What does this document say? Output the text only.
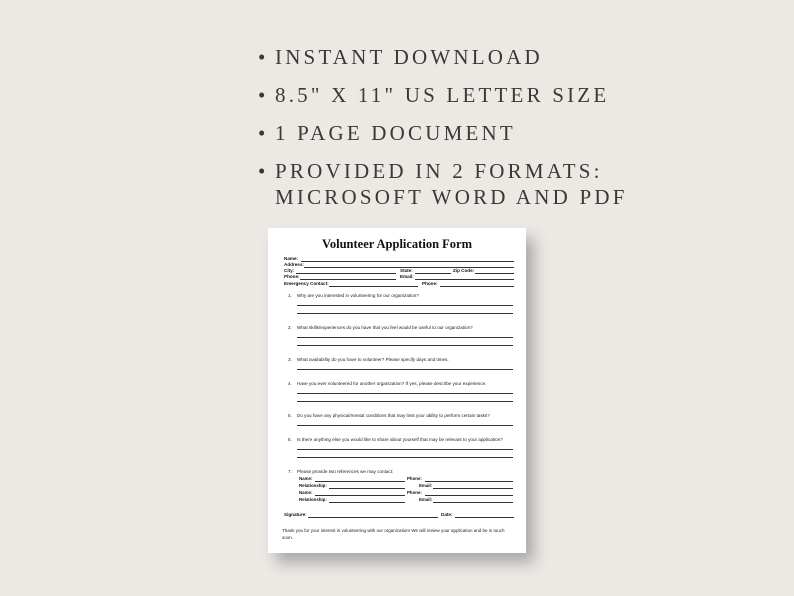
• INSTANT DOWNLOAD
• 8.5" X 11" US LETTER SIZE
• 1 PAGE DOCUMENT
• PROVIDED IN 2 FORMATS:
MICROSOFT WORD AND PDF
Volunteer Application Form
Name:
Address:
City:	State:	Zip Code:
Phone:	Email:
Emergency Contact:	Phone:
1. Why are you interested in volunteering for our organization?
2. What skills/experiences do you have that you feel would be useful to our organization?
3. What availability do you have to volunteer? Please specify days and times.
4. Have you ever volunteered for another organization? If yes, please describe your experience.
5. Do you have any physical/mental conditions that may limit your ability to perform certain tasks?
6. Is there anything else you would like to share about yourself that may be relevant to your application?
7. Please provide two references we may contact:
Name:	Phone:
Relationship:	Email:
Name:	Phone:
Relationship:	Email:
Signature:	Date:
Thank you for your interest in volunteering with our organization! We will review your application and be in touch soon.
